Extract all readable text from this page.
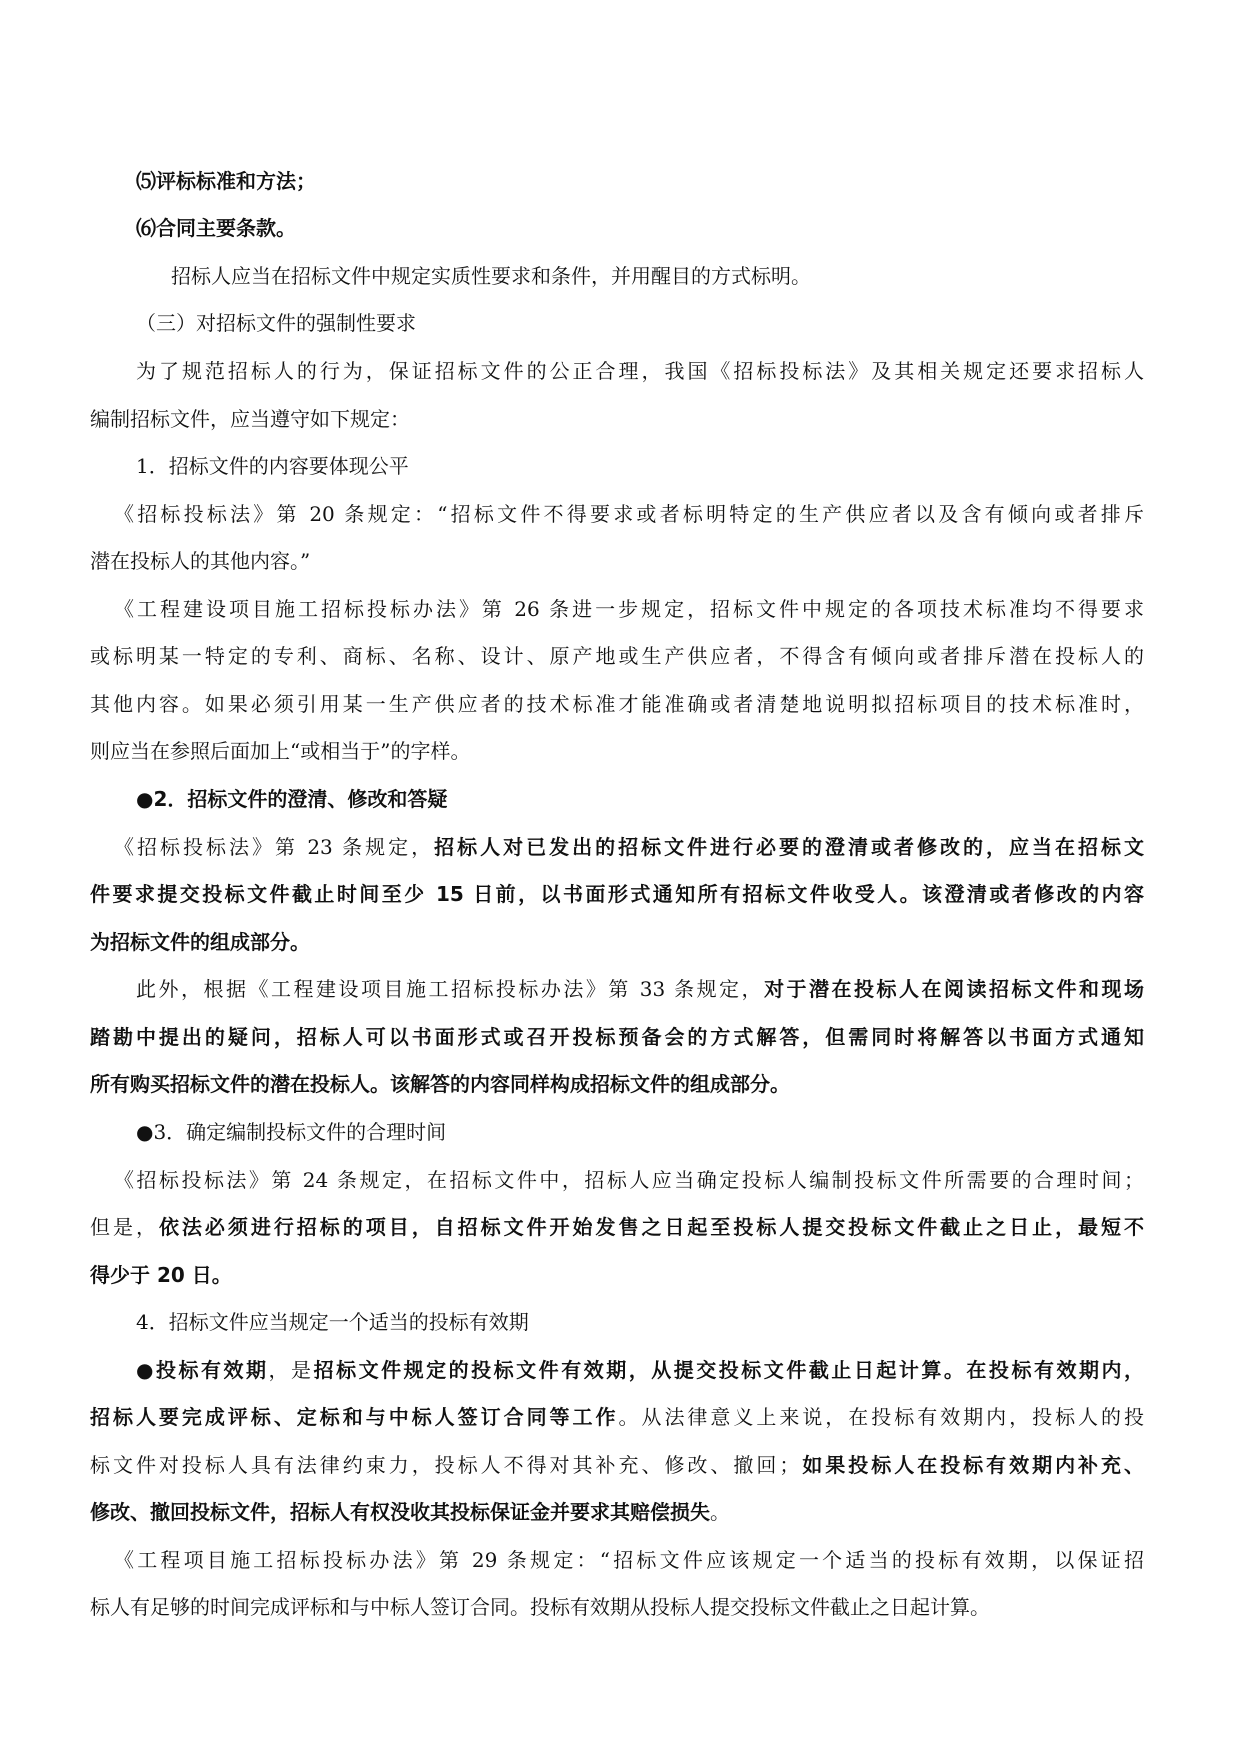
⑸评标标准和方法；
⑹合同主要条款。
招标人应当在招标文件中规定实质性要求和条件，并用醒目的方式标明。
（三）对招标文件的强制性要求
为了规范招标人的行为，保证招标文件的公正合理，我国《招标投标法》及其相关规定还要求招标人
编制招标文件，应当遵守如下规定：
1．招标文件的内容要体现公平
《招标投标法》第 20 条规定：“招标文件不得要求或者标明特定的生产供应者以及含有倾向或者排斥
潜在投标人的其他内容。”
《工程建设项目施工招标投标办法》第 26 条进一步规定，招标文件中规定的各项技术标准均不得要求
或标明某一特定的专利、商标、名称、设计、原产地或生产供应者，不得含有倾向或者排斥潜在投标人的
其他内容。如果必须引用某一生产供应者的技术标准才能准确或者清楚地说明拟招标项目的技术标准时，
则应当在参照后面加上“或相当于”的字样。
●2．招标文件的澄清、修改和答疑
《招标投标法》第 23 条规定，招标人对已发出的招标文件进行必要的澄清或者修改的，应当在招标文
件要求提交投标文件截止时间至少 15 日前，以书面形式通知所有招标文件收受人。该澄清或者修改的内容
为招标文件的组成部分。
此外，根据《工程建设项目施工招标投标办法》第 33 条规定，对于潜在投标人在阅读招标文件和现场
踏勘中提出的疑问，招标人可以书面形式或召开投标预备会的方式解答，但需同时将解答以书面方式通知
所有购买招标文件的潜在投标人。该解答的内容同样构成招标文件的组成部分。
●3．确定编制投标文件的合理时间
《招标投标法》第 24 条规定，在招标文件中，招标人应当确定投标人编制投标文件所需要的合理时间；
但是，依法必须进行招标的项目，自招标文件开始发售之日起至投标人提交投标文件截止之日止，最短不
得少于 20 日。
4．招标文件应当规定一个适当的投标有效期
●投标有效期，是招标文件规定的投标文件有效期，从提交投标文件截止日起计算。在投标有效期内，
招标人要完成评标、定标和与中标人签订合同等工作。从法律意义上来说，在投标有效期内，投标人的投
标文件对投标人具有法律约束力，投标人不得对其补充、修改、撤回；如果投标人在投标有效期内补充、
修改、撤回投标文件，招标人有权没收其投标保证金并要求其赔偿损失。
《工程项目施工招标投标办法》第 29 条规定：“招标文件应该规定一个适当的投标有效期，以保证招
标人有足够的时间完成评标和与中标人签订合同。投标有效期从投标人提交投标文件截止之日起计算。
